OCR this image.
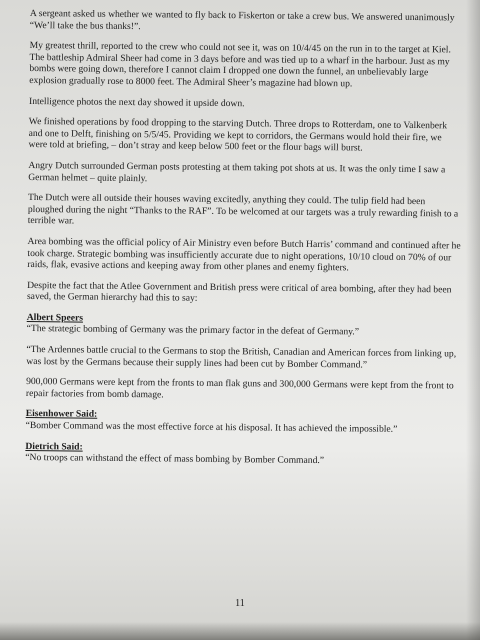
A sergeant asked us whether we wanted to fly back to Fiskerton or take a crew bus. We answered unanimously “We’ll take the bus thanks!”.

My greatest thrill, reported to the crew who could not see it, was on 10/4/45 on the run in to the target at Kiel. The battleship Admiral Sheer had come in 3 days before and was tied up to a wharf in the harbour. Just as my bombs were going down, therefore I cannot claim I dropped one down the funnel, an unbelievably large explosion gradually rose to 8000 feet. The Admiral Sheer’s magazine had blown up.

Intelligence photos the next day showed it upside down.

We finished operations by food dropping to the starving Dutch. Three drops to Rotterdam, one to Valkenberk and one to Delft, finishing on 5/5/45. Providing we kept to corridors, the Germans would hold their fire, we were told at briefing, – don’t stray and keep below 500 feet or the flour bags will burst.

Angry Dutch surrounded German posts protesting at them taking pot shots at us. It was the only time I saw a German helmet – quite plainly.

The Dutch were all outside their houses waving excitedly, anything they could. The tulip field had been ploughed during the night “Thanks to the RAF”. To be welcomed at our targets was a truly rewarding finish to a terrible war.

Area bombing was the official policy of Air Ministry even before Butch Harris’ command and continued after he took charge. Strategic bombing was insufficiently accurate due to night operations, 10/10 cloud on 70% of our raids, flak, evasive actions and keeping away from other planes and enemy fighters.

Despite the fact that the Atlee Government and British press were critical of area bombing, after they had been saved, the German hierarchy had this to say:

Albert Speers

“The strategic bombing of Germany was the primary factor in the defeat of Germany.”

“The Ardennes battle crucial to the Germans to stop the British, Canadian and American forces from linking up, was lost by the Germans because their supply lines had been cut by Bomber Command.”

900,000 Germans were kept from the fronts to man flak guns and 300,000 Germans were kept from the front to repair factories from bomb damage.

Eisenhower Said:

“Bomber Command was the most effective force at his disposal. It has achieved the impossible.”

Dietrich Said:

“No troops can withstand the effect of mass bombing by Bomber Command.”

11
